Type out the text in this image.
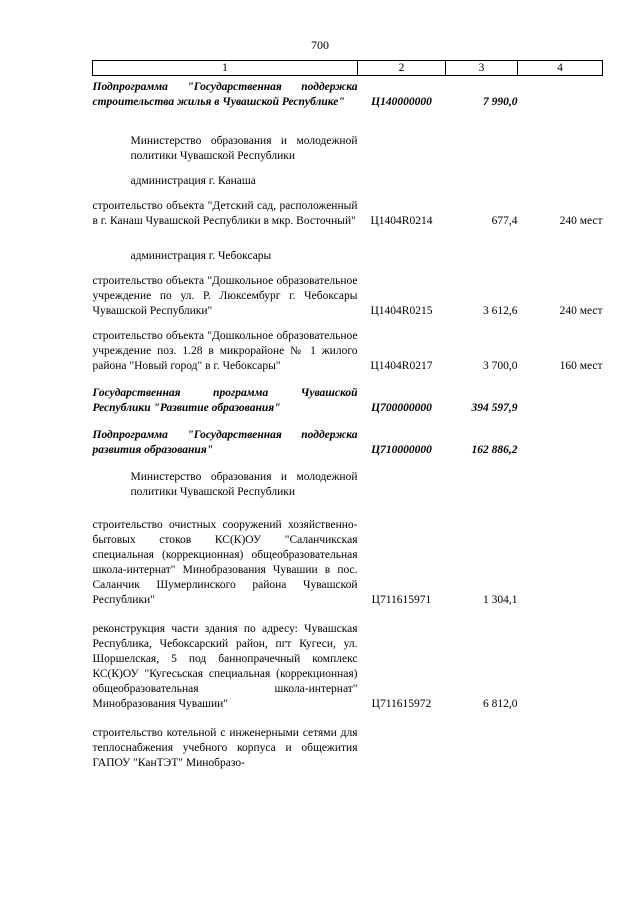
700
1	2	3	4
Подпрограмма "Государственная поддержка строительства жилья в Чувашской Республике"	Ц140000000	7 990,0	
Министерство образования и молодежной политики Чувашской Республики			
администрация г. Канаша			
строительство объекта "Детский сад, расположенный в г. Канаш Чувашской Республики в мкр. Восточный"	Ц1404R0214	677,4	240 мест
администрация г. Чебоксары			
строительство объекта "Дошкольное образовательное учреждение по ул. Р. Люксембург г. Чебоксары Чувашской Республики"	Ц1404R0215	3 612,6	240 мест
строительство объекта "Дошкольное образовательное учреждение поз. 1.28 в микрорайоне № 1 жилого района "Новый город" в г. Чебоксары"	Ц1404R0217	3 700,0	160 мест
Государственная программа Чувашской Республики "Развитие образования"	Ц700000000	394 597,9	
Подпрограмма "Государственная поддержка развития образования"	Ц710000000	162 886,2	
Министерство образования и молодежной политики Чувашской Республики			
строительство очистных сооружений хозяйственно-бытовых стоков КС(К)ОУ "Саланчикская специальная (коррекционная) общеобразовательная школа-интернат" Минобразования Чувашии в пос. Саланчик Шумерлинского района Чувашской Республики"	Ц711615971	1 304,1	
реконструкция части здания по адресу: Чувашская Республика, Чебоксарский район, пгт Кугеси, ул. Шоршелская, 5 под баннопрачечный комплекс КС(К)ОУ "Кугесьская специальная (коррекционная) общеобразовательная школа-интернат" Минобразования Чувашии"	Ц711615972	6 812,0	
строительство котельной с инженерными сетями для теплоснабжения учебного корпуса и общежития ГАПОУ "КанТЭТ" Минобразо-			
